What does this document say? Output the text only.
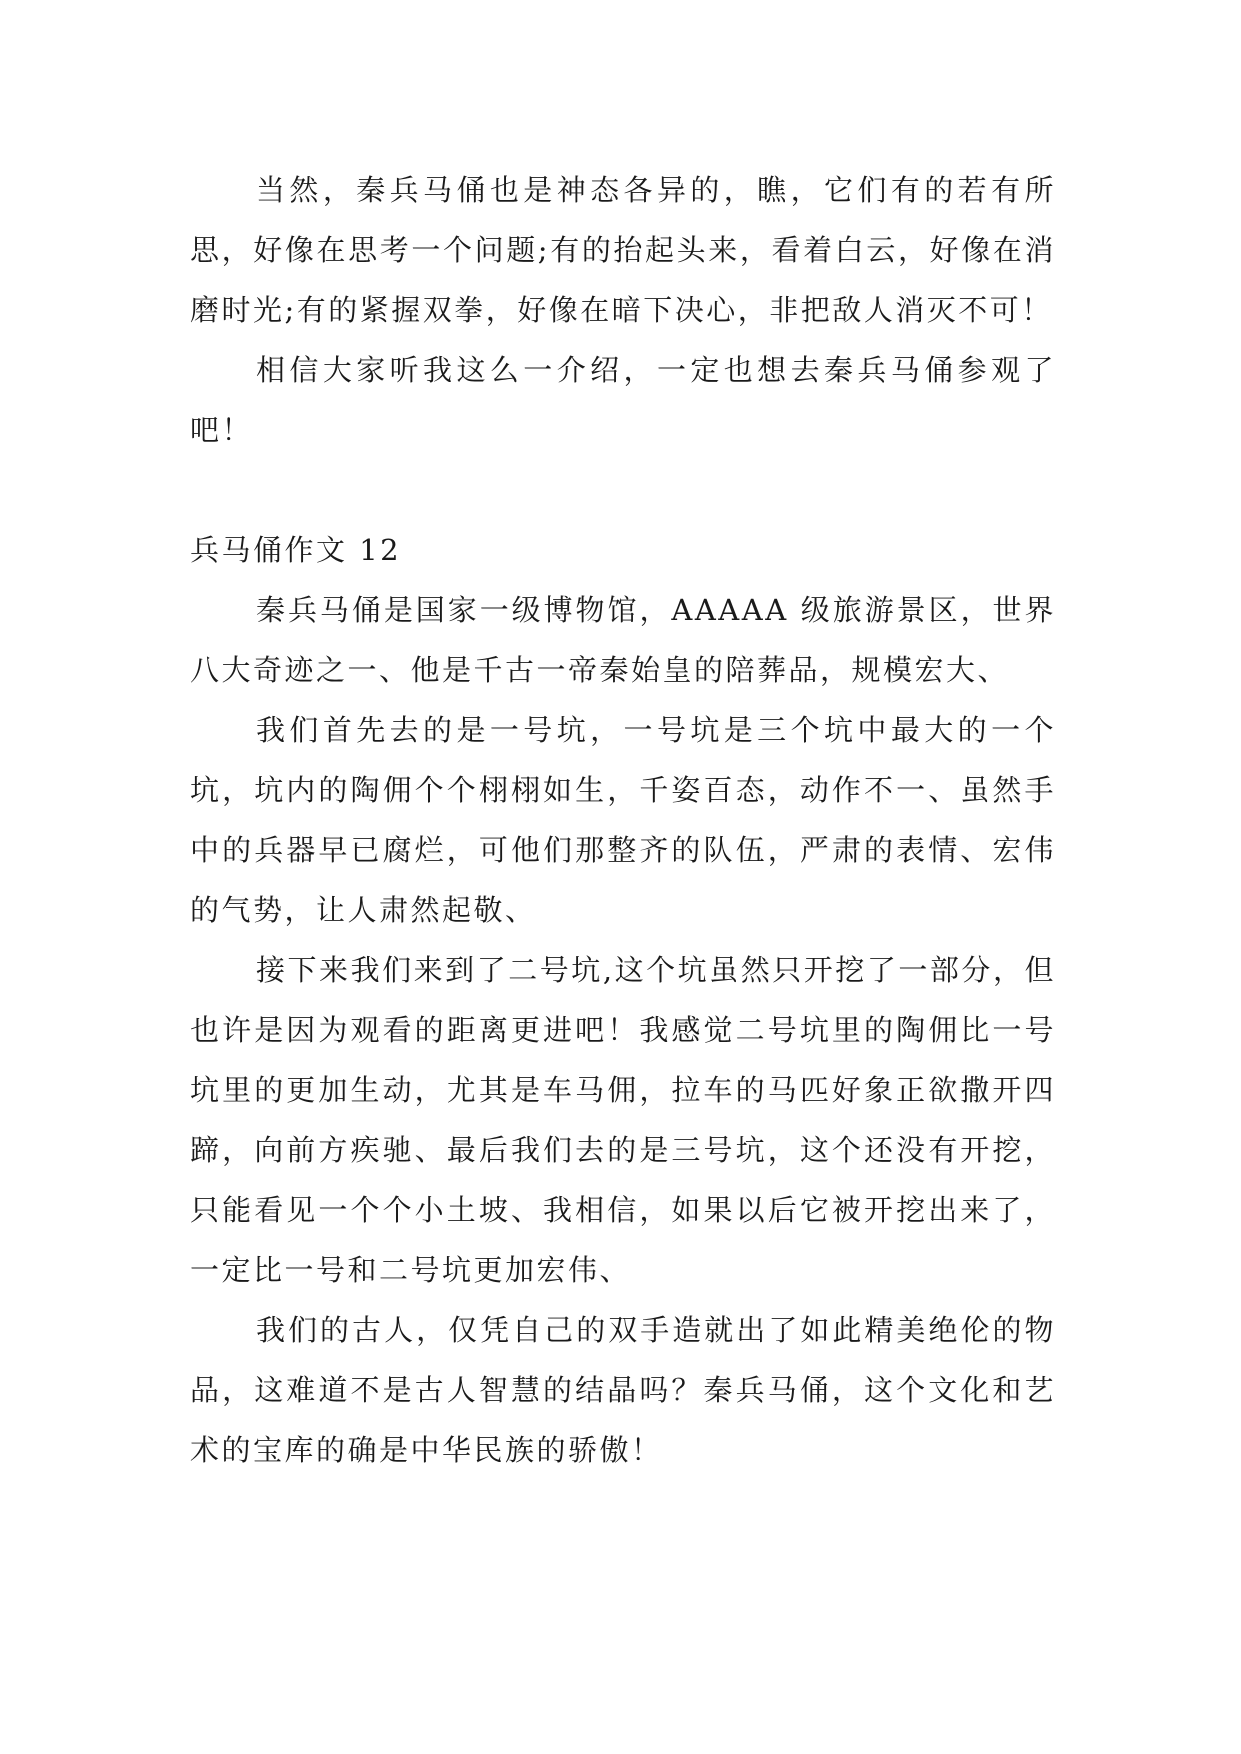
当然，秦兵马俑也是神态各异的，瞧，它们有的若有所思，好像在思考一个问题;有的抬起头来，看着白云，好像在消磨时光;有的紧握双拳，好像在暗下决心，非把敌人消灭不可！

相信大家听我这么一介绍，一定也想去秦兵马俑参观了吧！

兵马俑作文 12

秦兵马俑是国家一级博物馆，AAAAA 级旅游景区，世界八大奇迹之一、他是千古一帝秦始皇的陪葬品，规模宏大、

我们首先去的是一号坑，一号坑是三个坑中最大的一个坑，坑内的陶佣个个栩栩如生，千姿百态，动作不一、虽然手中的兵器早已腐烂，可他们那整齐的队伍，严肃的表情、宏伟的气势，让人肃然起敬、

接下来我们来到了二号坑,这个坑虽然只开挖了一部分，但也许是因为观看的距离更进吧！我感觉二号坑里的陶佣比一号坑里的更加生动，尤其是车马佣，拉车的马匹好象正欲撒开四蹄，向前方疾驰、最后我们去的是三号坑，这个还没有开挖，只能看见一个个小土坡、我相信，如果以后它被开挖出来了，一定比一号和二号坑更加宏伟、

我们的古人，仅凭自己的双手造就出了如此精美绝伦的物品，这难道不是古人智慧的结晶吗？秦兵马俑，这个文化和艺术的宝库的确是中华民族的骄傲！
